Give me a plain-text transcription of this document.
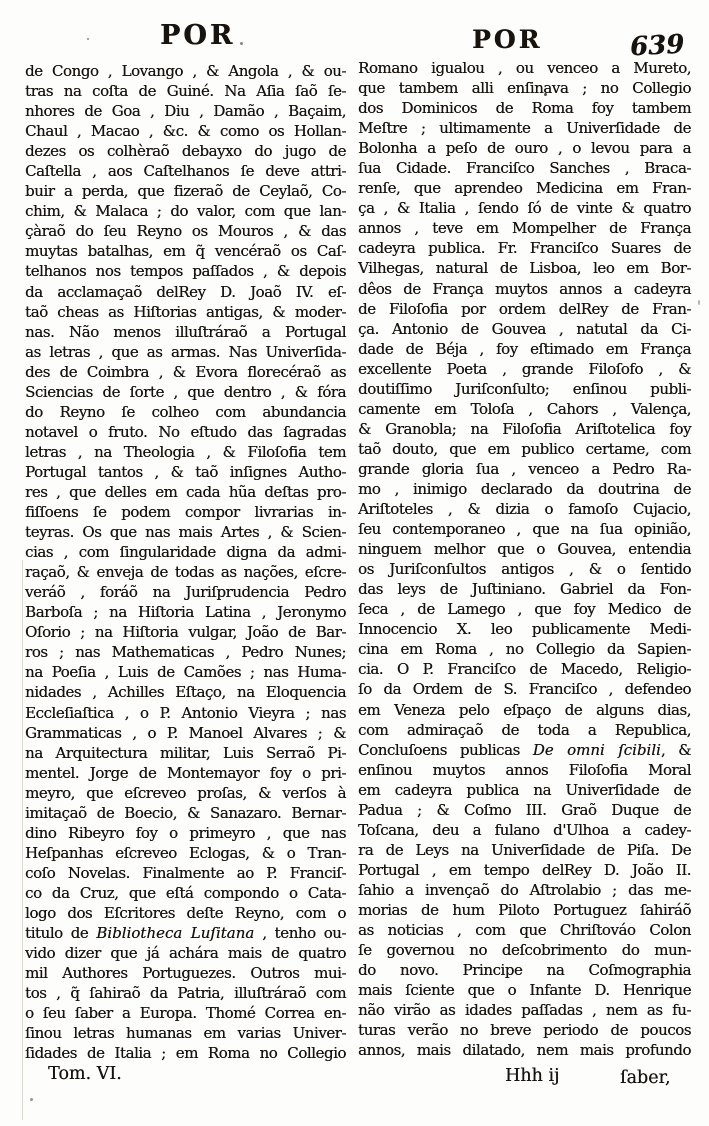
POR	POR	639
de Congo , Lovango , & Angola , & ou-
tras na coſta de Guiné. Na Aſia ſaõ ſe-
nhores de Goa , Diu , Damão , Baçaim,
Chaul , Macao , &c. & como os Hollan-
dezes os colhèraõ debayxo do jugo de
Caſtella , aos Caſtelhanos ſe deve attri-
buir a perda, que fizeraõ de Ceylaõ, Co-
chim, & Malaca ; do valor, com que lan-
çàraõ do ſeu Reyno os Mouros , & das
muytas batalhas, em q̃ vencéraõ os Caſ-
telhanos nos tempos paſſados , & depois
da acclamaçaõ delRey D. Joaõ IV. eſ-
taõ cheas as Hiſtorias antigas, & moder-
nas. Não menos illuſtráraõ a Portugal
as letras , que as armas. Nas Univerſida-
des de Coimbra , & Evora florecéraõ as
Sciencias de ſorte , que dentro , & fóra
do Reyno ſe colheo com abundancia
notavel o fruto. No eſtudo das ſagradas
letras , na Theologia , & Filoſofia tem
Portugal tantos , & taõ inſignes Autho-
res , que delles em cada hũa deſtas pro-
fiſſoens ſe podem compor livrarias in-
teyras. Os que nas mais Artes , & Scien-
cias , com ſingularidade digna da admi-
raçaõ, & enveja de todas as nações, eſcre-
veráõ , foráõ na Juriſprudencia Pedro
Barboſa ; na Hiſtoria Latina , Jeronymo
Oſorio ; na Hiſtoria vulgar, João de Bar-
ros ; nas Mathematicas , Pedro Nunes;
na Poeſia , Luis de Camões ; nas Huma-
nidades , Achilles Eſtaço, na Eloquencia
Eccleſiaſtica , o P. Antonio Vieyra ; nas
Grammaticas , o P. Manoel Alvares ; &
na Arquitectura militar, Luis Serraõ Pi-
mentel. Jorge de Montemayor foy o pri-
meyro, que eſcreveo proſas, & verſos à
imitaçaõ de Boecio, & Sanazaro. Bernar-
dino Ribeyro foy o primeyro , que nas
Heſpanhas eſcreveo Eclogas, & o Tran-
coſo Novelas. Finalmente ao P. Franciſ-
co da Cruz, que eſtá compondo o Cata-
logo dos Eſcritores deſte Reyno, com o
titulo de Bibliotheca Luſitana , tenho ou-
vido dizer que já achára mais de quatro
mil Authores Portuguezes. Outros mui-
tos , q̃ ſahiraõ da Patria, illuſtráraõ com
o ſeu ſaber a Europa. Thomé Correa en-
ſinou letras humanas em varias Univer-
ſidades de Italia ; em Roma no Collegio
Romano igualou , ou venceo a Mureto,
que tambem alli enſinava ; no Collegio
dos Dominicos de Roma foy tambem
Meſtre ; ultimamente a Univerſidade de
Bolonha a peſo de ouro , o levou para a
ſua Cidade. Franciſco Sanches , Braca-
renſe, que aprendeo Medicina em Fran-
ça , & Italia , ſendo ſó de vinte & quatro
annos , teve em Mompelher de França
cadeyra publica. Fr. Franciſco Suares de
Vilhegas, natural de Lisboa, leo em Bor-
dêos de França muytos annos a cadeyra
de Filoſofia por ordem delRey de Fran-
ça. Antonio de Gouvea , natutal da Ci-
dade de Béja , foy eſtimado em França
excellente Poeta , grande Filoſofo , &
doutiſſimo Juriſconſulto; enſinou publi-
camente em Toloſa , Cahors , Valença,
& Granobla; na Filoſofia Ariſtotelica foy
taõ douto, que em publico certame, com
grande gloria ſua , venceo a Pedro Ra-
mo , inimigo declarado da doutrina de
Ariſtoteles , & dizia o famoſo Cujacio,
ſeu contemporaneo , que na ſua opinião,
ninguem melhor que o Gouvea, entendia
os Juriſconſultos antigos , & o ſentido
das leys de Juſtiniano. Gabriel da Fon-
ſeca , de Lamego , que foy Medico de
Innocencio X. leo publicamente Medi-
cina em Roma , no Collegio da Sapien-
cia. O P. Franciſco de Macedo, Religio-
ſo da Ordem de S. Franciſco , defendeo
em Veneza pelo eſpaço de alguns dias,
com admiraçaõ de toda a Republica,
Concluſoens publicas De omni ſcibili, &
enſinou muytos annos Filoſofia Moral
em cadeyra publica na Univerſidade de
Padua ; & Coſmo III. Graõ Duque de
Toſcana, deu a fulano d'Ulhoa a cadey-
ra de Leys na Univerſidade de Piſa. De
Portugal , em tempo delRey D. João II.
ſahio a invençaõ do Aſtrolabio ; das me-
morias de hum Piloto Portuguez ſahiráõ
as noticias , com que Chriſtováo Colon
ſe governou no deſcobrimento do mun-
do novo. Principe na Coſmographia
mais ſciente que o Infante D. Henrique
não virão as idades paſſadas , nem as fu-
turas verão no breve periodo de poucos
annos, mais dilatado, nem mais profundo
Tom. VI.	Hhh ij	ſaber,
